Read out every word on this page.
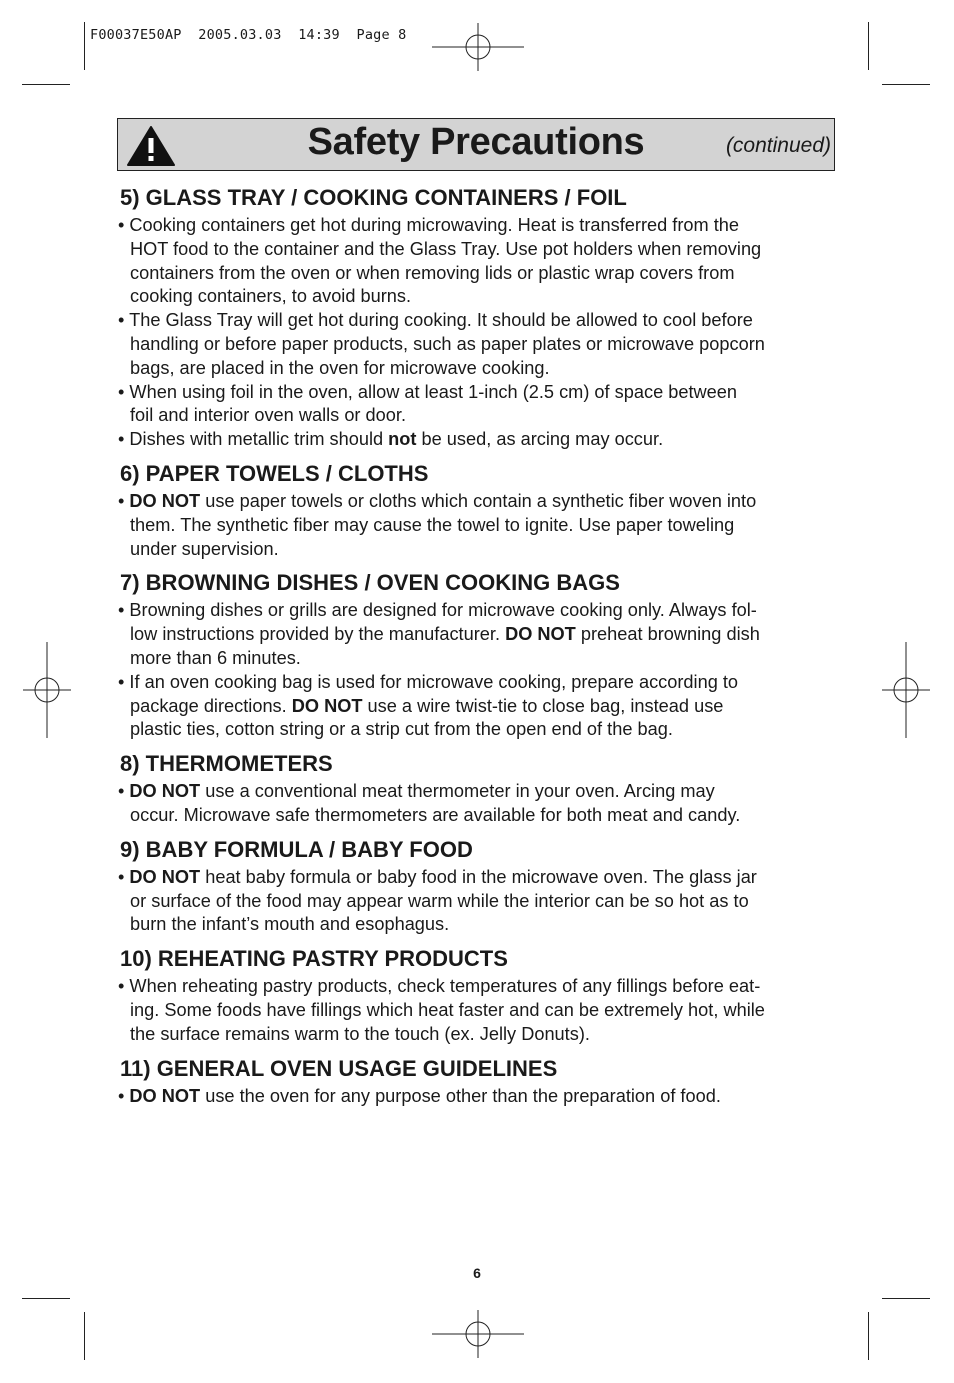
F00037E50AP  2005.03.03  14:39  Page 8
Safety Precautions	(continued)
5) GLASS TRAY / COOKING CONTAINERS / FOIL
• Cooking containers get hot during microwaving. Heat is transferred from the
HOT food to the container and the Glass Tray. Use pot holders when removing
containers from the oven or when removing lids or plastic wrap covers from
cooking containers, to avoid burns.
• The Glass Tray will get hot during cooking. It should be allowed to cool before
handling or before paper products, such as paper plates or microwave popcorn
bags, are placed in the oven for microwave cooking.
• When using foil in the oven, allow at least 1-inch (2.5 cm) of space between
foil and interior oven walls or door.
• Dishes with metallic trim should not be used, as arcing may occur.
6) PAPER TOWELS / CLOTHS
• DO NOT use paper towels or cloths which contain a synthetic fiber woven into
them. The synthetic fiber may cause the towel to ignite. Use paper toweling
under supervision.
7) BROWNING DISHES / OVEN COOKING BAGS
• Browning dishes or grills are designed for microwave cooking only. Always fol-
low instructions provided by the manufacturer. DO NOT preheat browning dish
more than 6 minutes.
• If an oven cooking bag is used for microwave cooking, prepare according to
package directions. DO NOT use a wire twist-tie to close bag, instead use
plastic ties, cotton string or a strip cut from the open end of the bag.
8) THERMOMETERS
• DO NOT use a conventional meat thermometer in your oven. Arcing may
occur. Microwave safe thermometers are available for both meat and candy.
9) BABY FORMULA / BABY FOOD
• DO NOT heat baby formula or baby food in the microwave oven. The glass jar
or surface of the food may appear warm while the interior can be so hot as to
burn the infant’s mouth and esophagus.
10) REHEATING PASTRY PRODUCTS
• When reheating pastry products, check temperatures of any fillings before eat-
ing. Some foods have fillings which heat faster and can be extremely hot, while
the surface remains warm to the touch (ex. Jelly Donuts).
11) GENERAL OVEN USAGE GUIDELINES
• DO NOT use the oven for any purpose other than the preparation of food.
6
